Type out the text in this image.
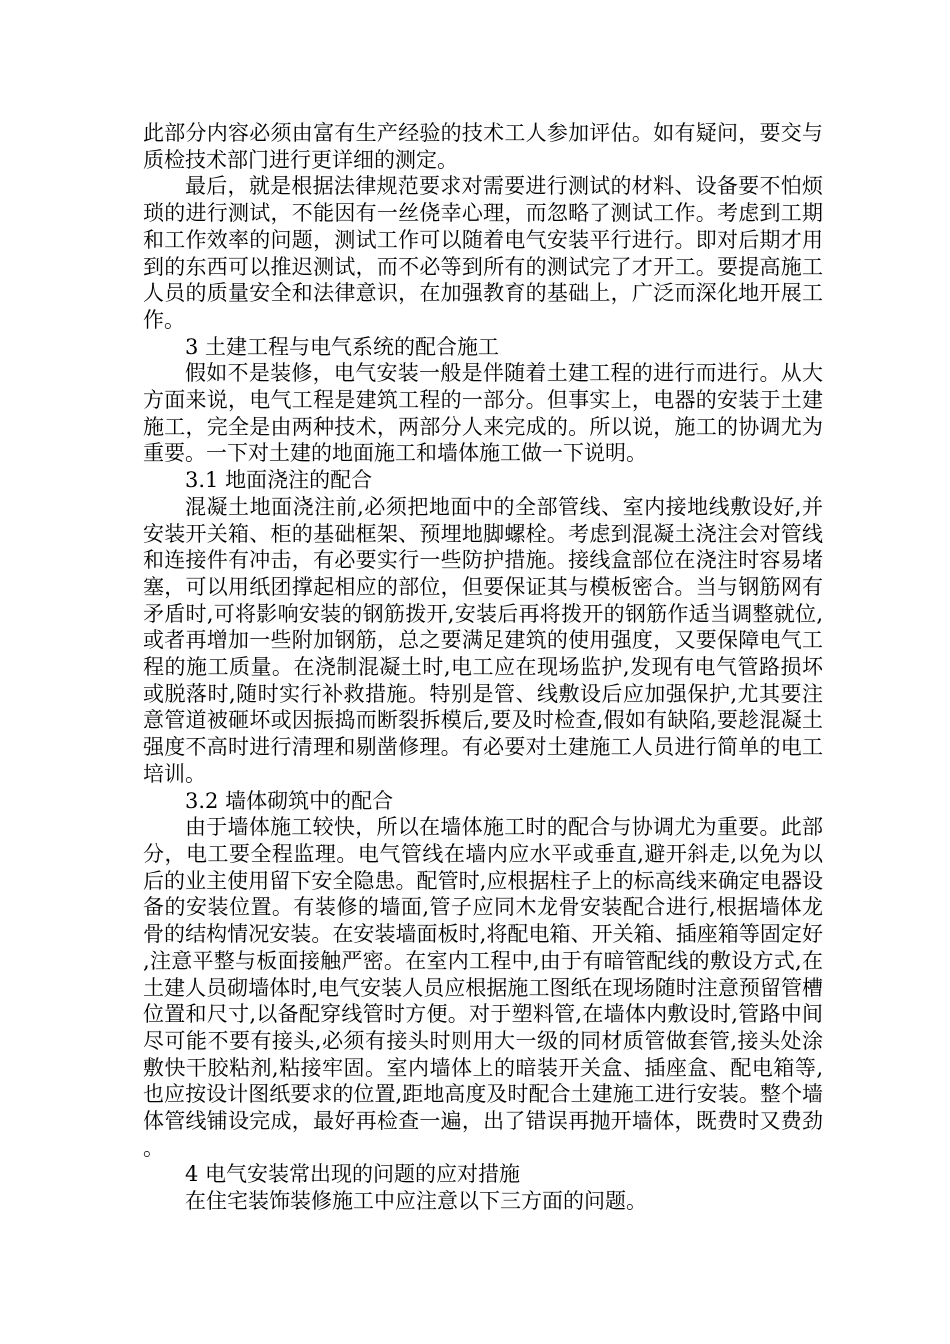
此部分内容必须由富有生产经验的技术工人参加评估。如有疑问，要交与质检技术部门进行更详细的测定。

最后，就是根据法律规范要求对需要进行测试的材料、设备要不怕烦琐的进行测试，不能因有一丝侥幸心理，而忽略了测试工作。考虑到工期和工作效率的问题，测试工作可以随着电气安装平行进行。即对后期才用到的东西可以推迟测试，而不必等到所有的测试完了才开工。要提高施工人员的质量安全和法律意识，在加强教育的基础上，广泛而深化地开展工作。

3 土建工程与电气系统的配合施工

假如不是装修，电气安装一般是伴随着土建工程的进行而进行。从大方面来说，电气工程是建筑工程的一部分。但事实上，电器的安装于土建施工，完全是由两种技术，两部分人来完成的。所以说，施工的协调尤为重要。一下对土建的地面施工和墙体施工做一下说明。

3.1 地面浇注的配合

混凝土地面浇注前,必须把地面中的全部管线、室内接地线敷设好,并安装开关箱、柜的基础框架、预埋地脚螺栓。考虑到混凝土浇注会对管线和连接件有冲击，有必要实行一些防护措施。接线盒部位在浇注时容易堵塞，可以用纸团撑起相应的部位，但要保证其与模板密合。当与钢筋网有矛盾时,可将影响安装的钢筋拨开,安装后再将拨开的钢筋作适当调整就位,或者再增加一些附加钢筋，总之要满足建筑的使用强度，又要保障电气工程的施工质量。在浇制混凝土时,电工应在现场监护,发现有电气管路损坏或脱落时,随时实行补救措施。特别是管、线敷设后应加强保护,尤其要注意管道被砸坏或因振捣而断裂拆模后,要及时检查,假如有缺陷,要趁混凝土强度不高时进行清理和剔凿修理。有必要对土建施工人员进行简单的电工培训。

3.2 墙体砌筑中的配合

由于墙体施工较快，所以在墙体施工时的配合与协调尤为重要。此部分，电工要全程监理。电气管线在墙内应水平或垂直,避开斜走,以免为以后的业主使用留下安全隐患。配管时,应根据柱子上的标高线来确定电器设备的安装位置。有装修的墙面,管子应同木龙骨安装配合进行,根据墙体龙骨的结构情况安装。在安装墙面板时,将配电箱、开关箱、插座箱等固定好,注意平整与板面接触严密。在室内工程中,由于有暗管配线的敷设方式,在土建人员砌墙体时,电气安装人员应根据施工图纸在现场随时注意预留管槽位置和尺寸,以备配穿线管时方便。对于塑料管,在墙体内敷设时,管路中间尽可能不要有接头,必须有接头时则用大一级的同材质管做套管,接头处涂敷快干胶粘剂,粘接牢固。室内墙体上的暗装开关盒、插座盒、配电箱等,也应按设计图纸要求的位置,距地高度及时配合土建施工进行安装。整个墙体管线铺设完成，最好再检查一遍，出了错误再抛开墙体，既费时又费劲。

4 电气安装常出现的问题的应对措施

在住宅装饰装修施工中应注意以下三方面的问题。
